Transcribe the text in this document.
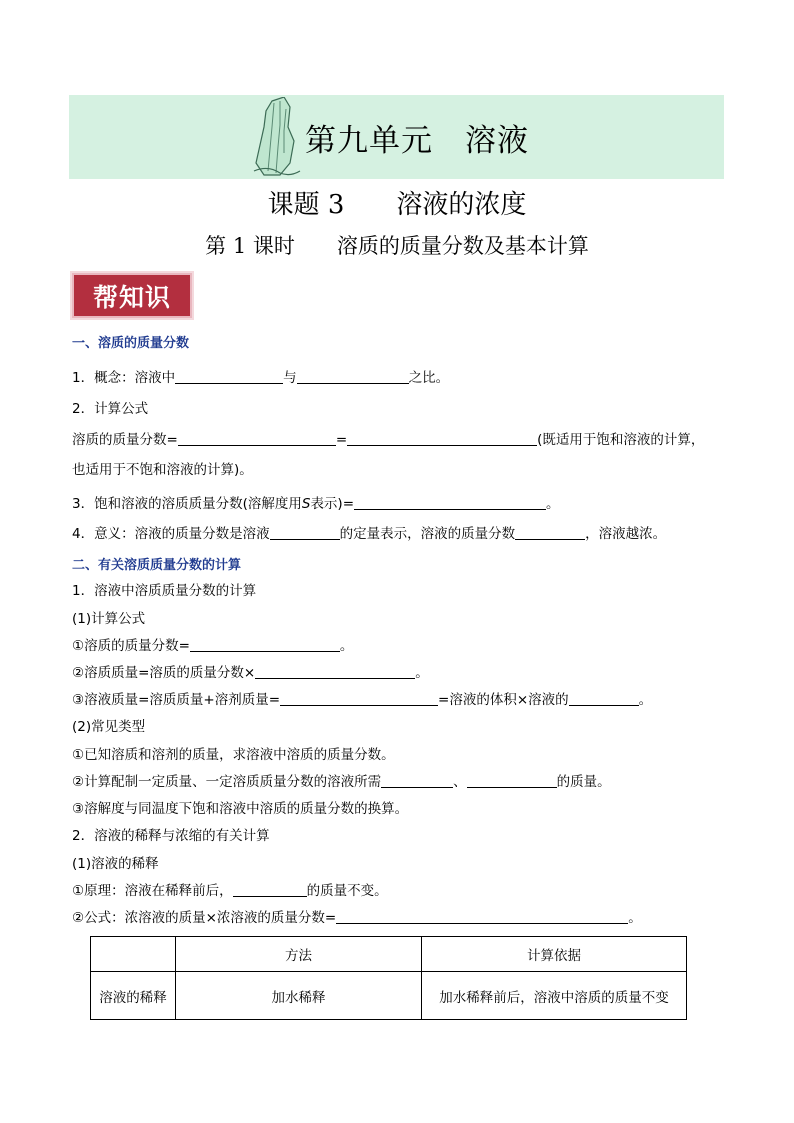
第九单元　溶液
课题 3　　溶液的浓度
第 1 课时　　溶质的质量分数及基本计算
帮知识
一、溶质的质量分数
1．概念：溶液中	与	之比。
2．计算公式
溶质的质量分数=	=	(既适用于饱和溶液的计算，
也适用于不饱和溶液的计算)。
3．饱和溶液的溶质质量分数(溶解度用S表示)=	。
4．意义：溶液的质量分数是溶液	的定量表示，溶液的质量分数	，溶液越浓。
二、有关溶质质量分数的计算
1．溶液中溶质质量分数的计算
(1)计算公式
①溶质的质量分数=	。
②溶质质量=溶质的质量分数×	。
③溶液质量=溶质质量+溶剂质量=	=溶液的体积×溶液的	。
(2)常见类型
①已知溶质和溶剂的质量，求溶液中溶质的质量分数。
②计算配制一定质量、一定溶质质量分数的溶液所需	、	的质量。
③溶解度与同温度下饱和溶液中溶质的质量分数的换算。
2．溶液的稀释与浓缩的有关计算
(1)溶液的稀释
①原理：溶液在稀释前后，	的质量不变。
②公式：浓溶液的质量×浓溶液的质量分数=	。
	方法	计算依据
溶液的稀释	加水稀释	加水稀释前后，溶液中溶质的质量不变
